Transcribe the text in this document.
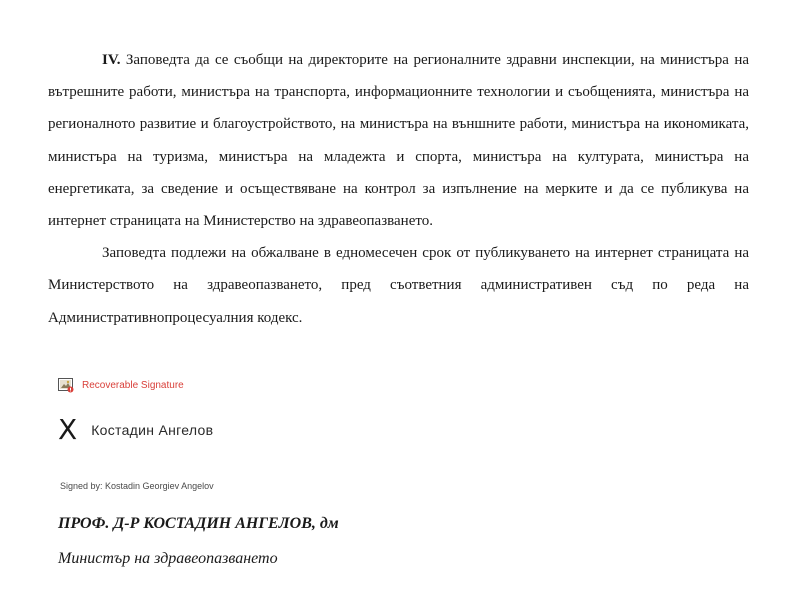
IV. Заповедта да се съобщи на директорите на регионалните здравни инспекции, на министъра на вътрешните работи, министъра на транспорта, информационните технологии и съобщенията, министъра на регионалното развитие и благоустройството, на министъра на външните работи, министъра на икономиката, министъра на туризма, министъра на младежта и спорта, министъра на културата, министъра на енергетиката, за сведение и осъществяване на контрол за изпълнение на мерките и да се публикува на интернет страницата на Министерство на здравеопазването.

Заповедта подлежи на обжалване в едномесечен срок от публикуването на интернет страницата на Министерството на здравеопазването, пред съответния административен съд по реда на Административнопроцесуалния кодекс.

Recoverable Signature
X Костадин Ангелов
Signed by: Kostadin Georgiev Angelov
ПРОФ. Д-Р КОСТАДИН АНГЕЛОВ, дм
Министър на здравеопазването
